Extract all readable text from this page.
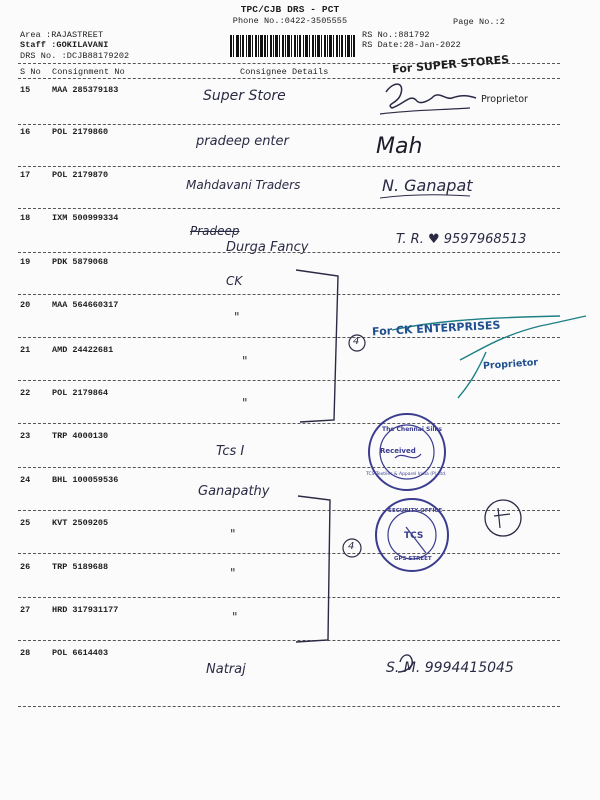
TPC/CJB DRS - PCT
Phone No.:0422-3505555	Page No.:2
Area :RAJASTREET
Staff :GOKILAVANI
DRS No. :DCJB88179202
RS No.:881792
RS Date:28-Jan-2022
S No Consignment No	Consignee Details
15	MAA 285379183	Super Store
16	POL 2179860
pradeep enter	Mah
17	POL 2179870
Mahdavani Traders	N. Ganapat
18	IXM 500999334
Pradeep
Durga Fancy
T. R. ♥ 9597968513
19	PDK 5879068
CK
20	MAA 564660317
"
21	AMD 24422681
"
22	POL 2179864
"
23	TRP 4000130
Tcs I
24	BHL 100059536
Ganapathy
25	KVT 2509205
"
26	TRP 5189688	"
27	HRD 317931177	"
28	POL 6614403
Natraj	S. M. 9994415045
For SUPER STORES
Proprietor
For CK ENTERPRISES
Proprietor
4
4
The Chennai Silks
Received
TCS Textiles & Apparel India (P) Ltd.
SECURITY OFFICE
TCS
GPS STREET
